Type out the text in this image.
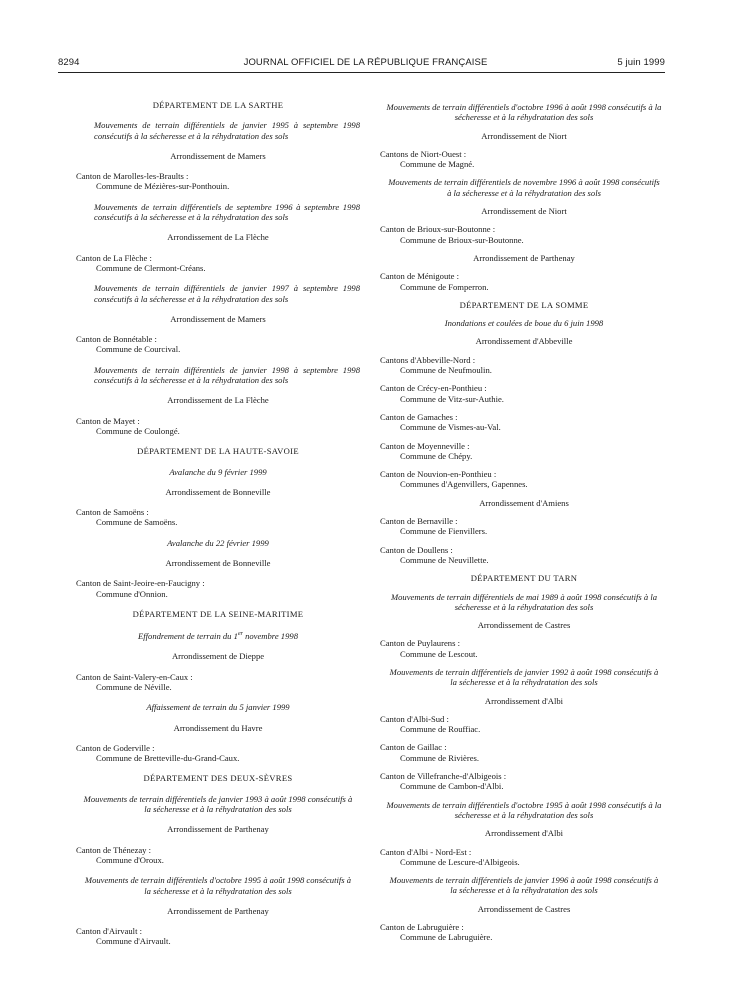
8294	JOURNAL OFFICIEL DE LA RÉPUBLIQUE FRANÇAISE	5 juin 1999
DÉPARTEMENT DE LA SARTHE
Mouvements de terrain différentiels de janvier 1995 à septembre 1998 consécutifs à la sécheresse et à la réhydratation des sols
Arrondissement de Mamers
Canton de Marolles-les-Braults :
Commune de Mézières-sur-Ponthouin.
Mouvements de terrain différentiels de septembre 1996 à septembre 1998 consécutifs à la sécheresse et à la réhydratation des sols
Arrondissement de La Flèche
Canton de La Flèche :
Commune de Clermont-Créans.
Mouvements de terrain différentiels de janvier 1997 à septembre 1998 consécutifs à la sécheresse et à la réhydratation des sols
Arrondissement de Mamers
Canton de Bonnétable :
Commune de Courcival.
Mouvements de terrain différentiels de janvier 1998 à septembre 1998 consécutifs à la sécheresse et à la réhydratation des sols
Arrondissement de La Flèche
Canton de Mayet :
Commune de Coulongé.
DÉPARTEMENT DE LA HAUTE-SAVOIE
Avalanche du 9 février 1999
Arrondissement de Bonneville
Canton de Samoëns :
Commune de Samoëns.
Avalanche du 22 février 1999
Arrondissement de Bonneville
Canton de Saint-Jeoire-en-Faucigny :
Commune d'Onnion.
DÉPARTEMENT DE LA SEINE-MARITIME
Effondrement de terrain du 1er novembre 1998
Arrondissement de Dieppe
Canton de Saint-Valery-en-Caux :
Commune de Néville.
Affaissement de terrain du 5 janvier 1999
Arrondissement du Havre
Canton de Goderville :
Commune de Bretteville-du-Grand-Caux.
DÉPARTEMENT DES DEUX-SÈVRES
Mouvements de terrain différentiels de janvier 1993 à août 1998 consécutifs à la sécheresse et à la réhydratation des sols
Arrondissement de Parthenay
Canton de Thénezay :
Commune d'Oroux.
Mouvements de terrain différentiels d'octobre 1995 à août 1998 consécutifs à la sécheresse et à la réhydratation des sols
Arrondissement de Parthenay
Canton d'Airvault :
Commune d'Airvault.
Mouvements de terrain différentiels d'octobre 1996 à août 1998 consécutifs à la sécheresse et à la réhydratation des sols
Arrondissement de Niort
Cantons de Niort-Ouest :
Commune de Magné.
Mouvements de terrain différentiels de novembre 1996 à août 1998 consécutifs à la sécheresse et à la réhydratation des sols
Arrondissement de Niort
Canton de Brioux-sur-Boutonne :
Commune de Brioux-sur-Boutonne.
Arrondissement de Parthenay
Canton de Ménigoute :
Commune de Fomperron.
DÉPARTEMENT DE LA SOMME
Inondations et coulées de boue du 6 juin 1998
Arrondissement d'Abbeville
Cantons d'Abbeville-Nord :
Commune de Neufmoulin.
Canton de Crécy-en-Ponthieu :
Commune de Vitz-sur-Authie.
Canton de Gamaches :
Commune de Vismes-au-Val.
Canton de Moyenneville :
Commune de Chépy.
Canton de Nouvion-en-Ponthieu :
Communes d'Agenvillers, Gapennes.
Arrondissement d'Amiens
Canton de Bernaville :
Commune de Fienvillers.
Canton de Doullens :
Commune de Neuvillette.
DÉPARTEMENT DU TARN
Mouvements de terrain différentiels de mai 1989 à août 1998 consécutifs à la sécheresse et à la réhydratation des sols
Arrondissement de Castres
Canton de Puylaurens :
Commune de Lescout.
Mouvements de terrain différentiels de janvier 1992 à août 1998 consécutifs à la sécheresse et à la réhydratation des sols
Arrondissement d'Albi
Canton d'Albi-Sud :
Commune de Rouffiac.
Canton de Gaillac :
Commune de Rivières.
Canton de Villefranche-d'Albigeois :
Commune de Cambon-d'Albi.
Mouvements de terrain différentiels d'octobre 1995 à août 1998 consécutifs à la sécheresse et à la réhydratation des sols
Arrondissement d'Albi
Canton d'Albi - Nord-Est :
Commune de Lescure-d'Albigeois.
Mouvements de terrain différentiels de janvier 1996 à août 1998 consécutifs à la sécheresse et à la réhydratation des sols
Arrondissement de Castres
Canton de Labruguière :
Commune de Labruguière.
